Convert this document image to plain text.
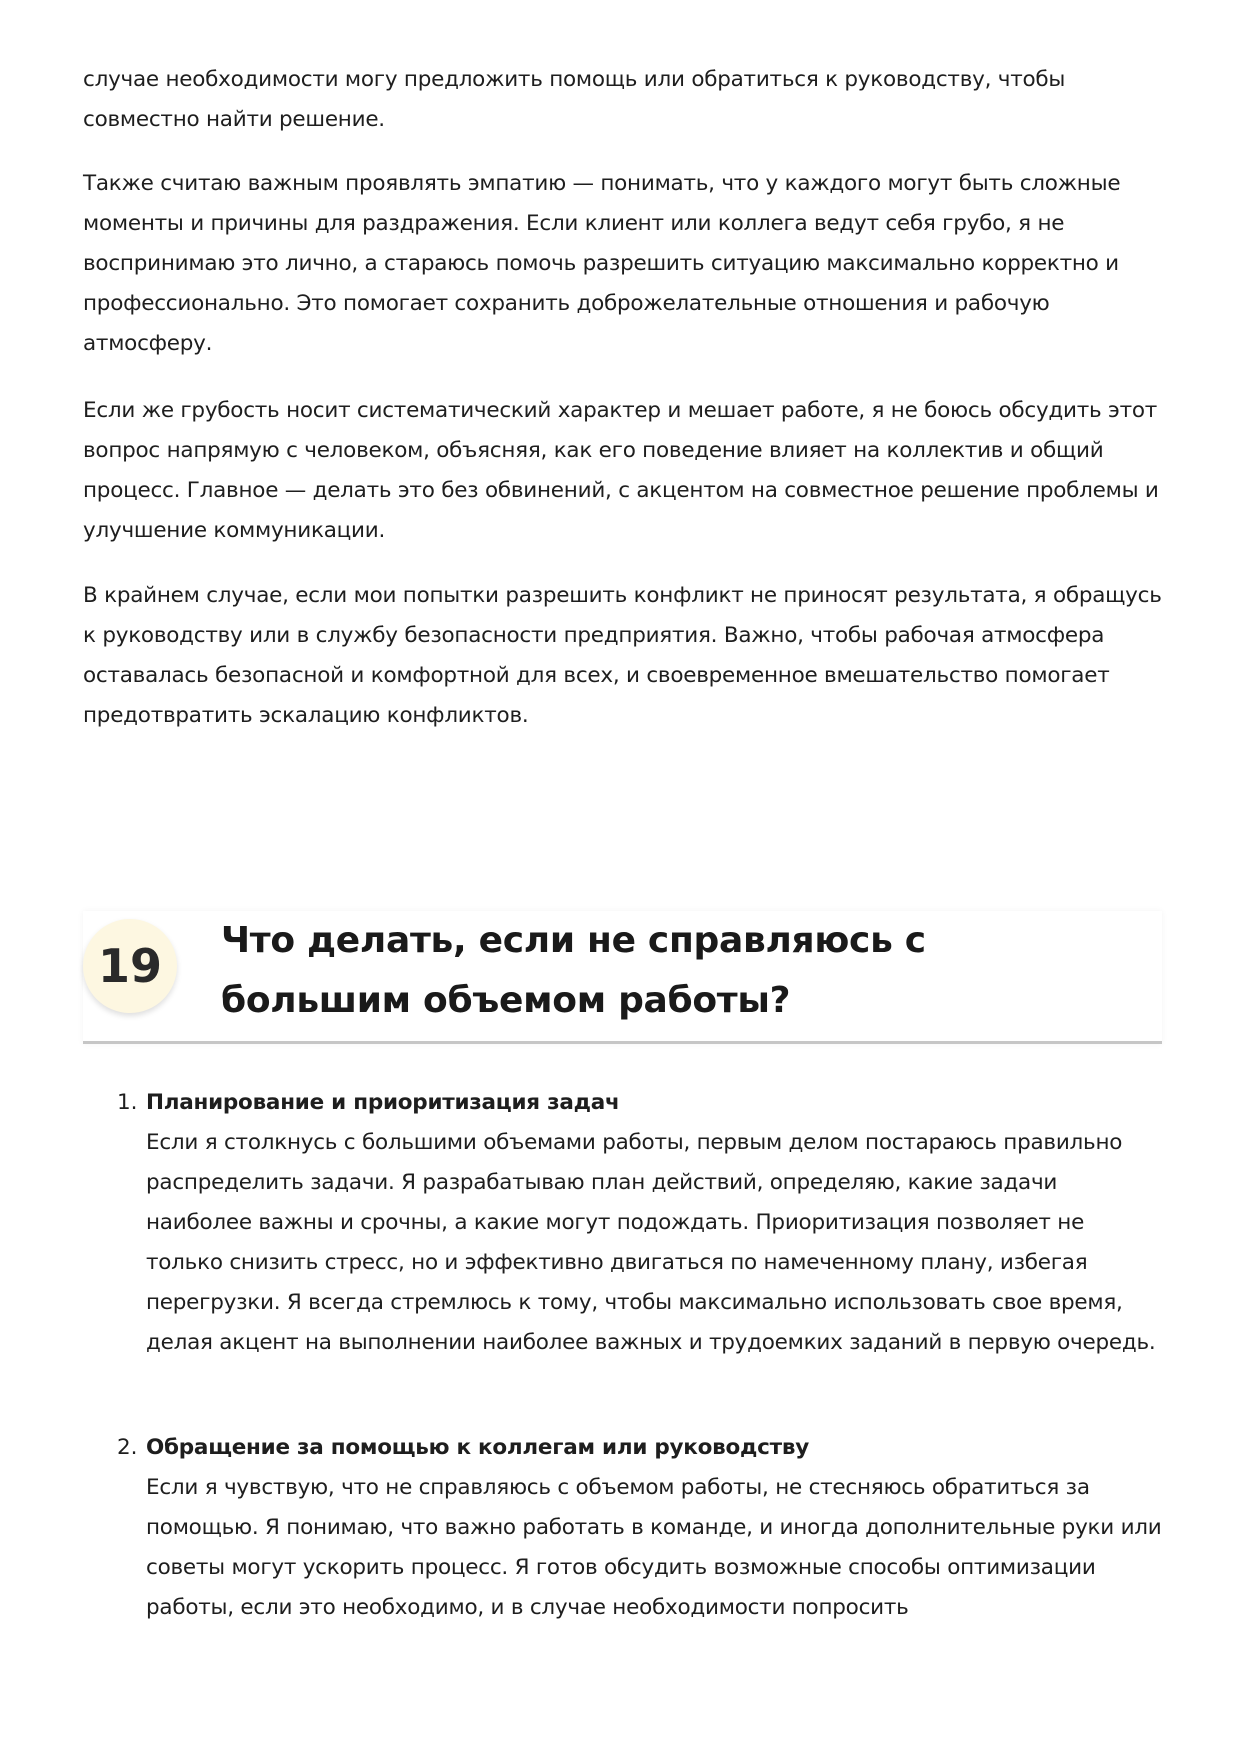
случае необходимости могу предложить помощь или обратиться к руководству, чтобы совместно найти решение.

Также считаю важным проявлять эмпатию — понимать, что у каждого могут быть сложные моменты и причины для раздражения. Если клиент или коллега ведут себя грубо, я не воспринимаю это лично, а стараюсь помочь разрешить ситуацию максимально корректно и профессионально. Это помогает сохранить доброжелательные отношения и рабочую атмосферу.

Если же грубость носит систематический характер и мешает работе, я не боюсь обсудить этот вопрос напрямую с человеком, объясняя, как его поведение влияет на коллектив и общий процесс. Главное — делать это без обвинений, с акцентом на совместное решение проблемы и улучшение коммуникации.

В крайнем случае, если мои попытки разрешить конфликт не приносят результата, я обращусь к руководству или в службу безопасности предприятия. Важно, чтобы рабочая атмосфера оставалась безопасной и комфортной для всех, и своевременное вмешательство помогает предотвратить эскалацию конфликтов.

19	Что делать, если не справляюсь с большим объемом работы?
1. Планирование и приоритизация задач
Если я столкнусь с большими объемами работы, первым делом постараюсь правильно распределить задачи. Я разрабатываю план действий, определяю, какие задачи наиболее важны и срочны, а какие могут подождать. Приоритизация позволяет не только снизить стресс, но и эффективно двигаться по намеченному плану, избегая перегрузки. Я всегда стремлюсь к тому, чтобы максимально использовать свое время, делая акцент на выполнении наиболее важных и трудоемких заданий в первую очередь.
2. Обращение за помощью к коллегам или руководству
Если я чувствую, что не справляюсь с объемом работы, не стесняюсь обратиться за помощью. Я понимаю, что важно работать в команде, и иногда дополнительные руки или советы могут ускорить процесс. Я готов обсудить возможные способы оптимизации работы, если это необходимо, и в случае необходимости попросить
